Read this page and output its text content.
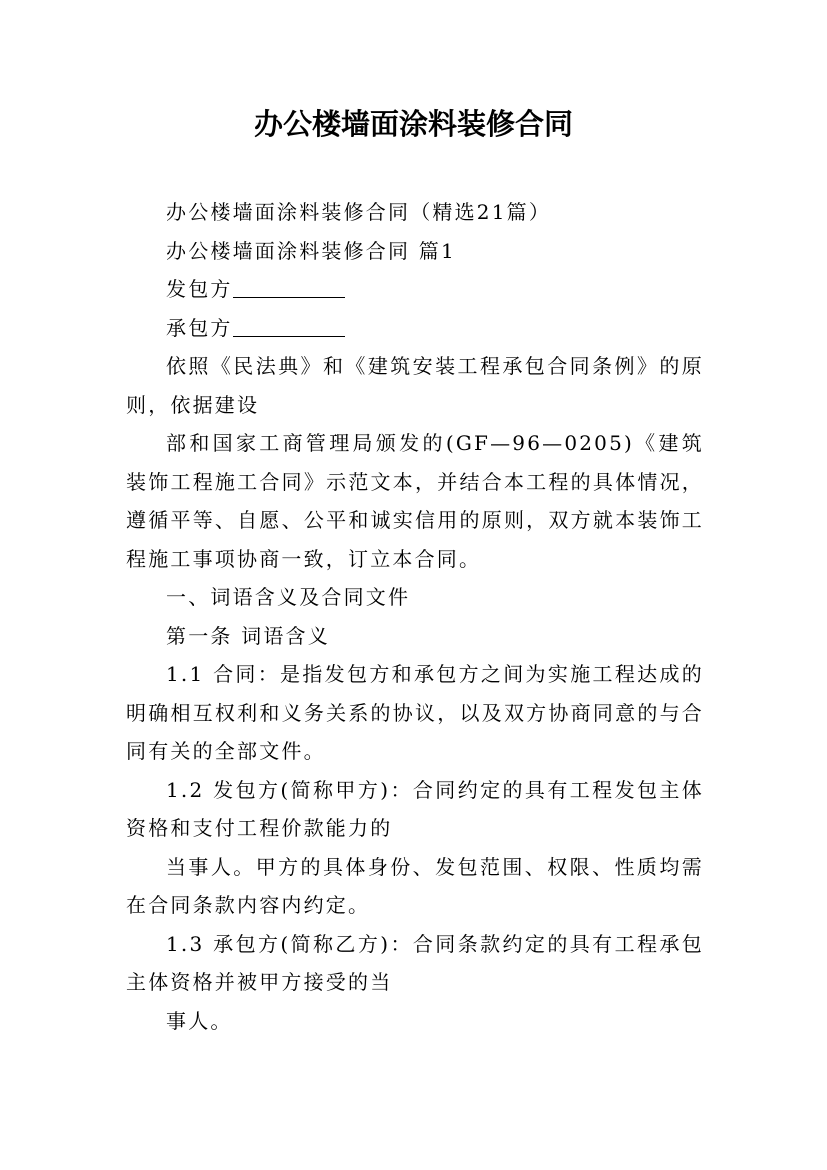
办公楼墙面涂料装修合同

办公楼墙面涂料装修合同（精选21篇）

办公楼墙面涂料装修合同 篇1

发包方

承包方

依照《民法典》和《建筑安装工程承包合同条例》的原则，依据建设

部和国家工商管理局颁发的(GF—96—0205)《建筑装饰工程施工合同》示范文本，并结合本工程的具体情况，遵循平等、自愿、公平和诚实信用的原则，双方就本装饰工程施工事项协商一致，订立本合同。

一、词语含义及合同文件

第一条 词语含义

1.1 合同：是指发包方和承包方之间为实施工程达成的明确相互权利和义务关系的协议，以及双方协商同意的与合同有关的全部文件。

1.2 发包方(简称甲方)：合同约定的具有工程发包主体资格和支付工程价款能力的

当事人。甲方的具体身份、发包范围、权限、性质均需在合同条款内容内约定。

1.3 承包方(简称乙方)：合同条款约定的具有工程承包主体资格并被甲方接受的当

事人。
